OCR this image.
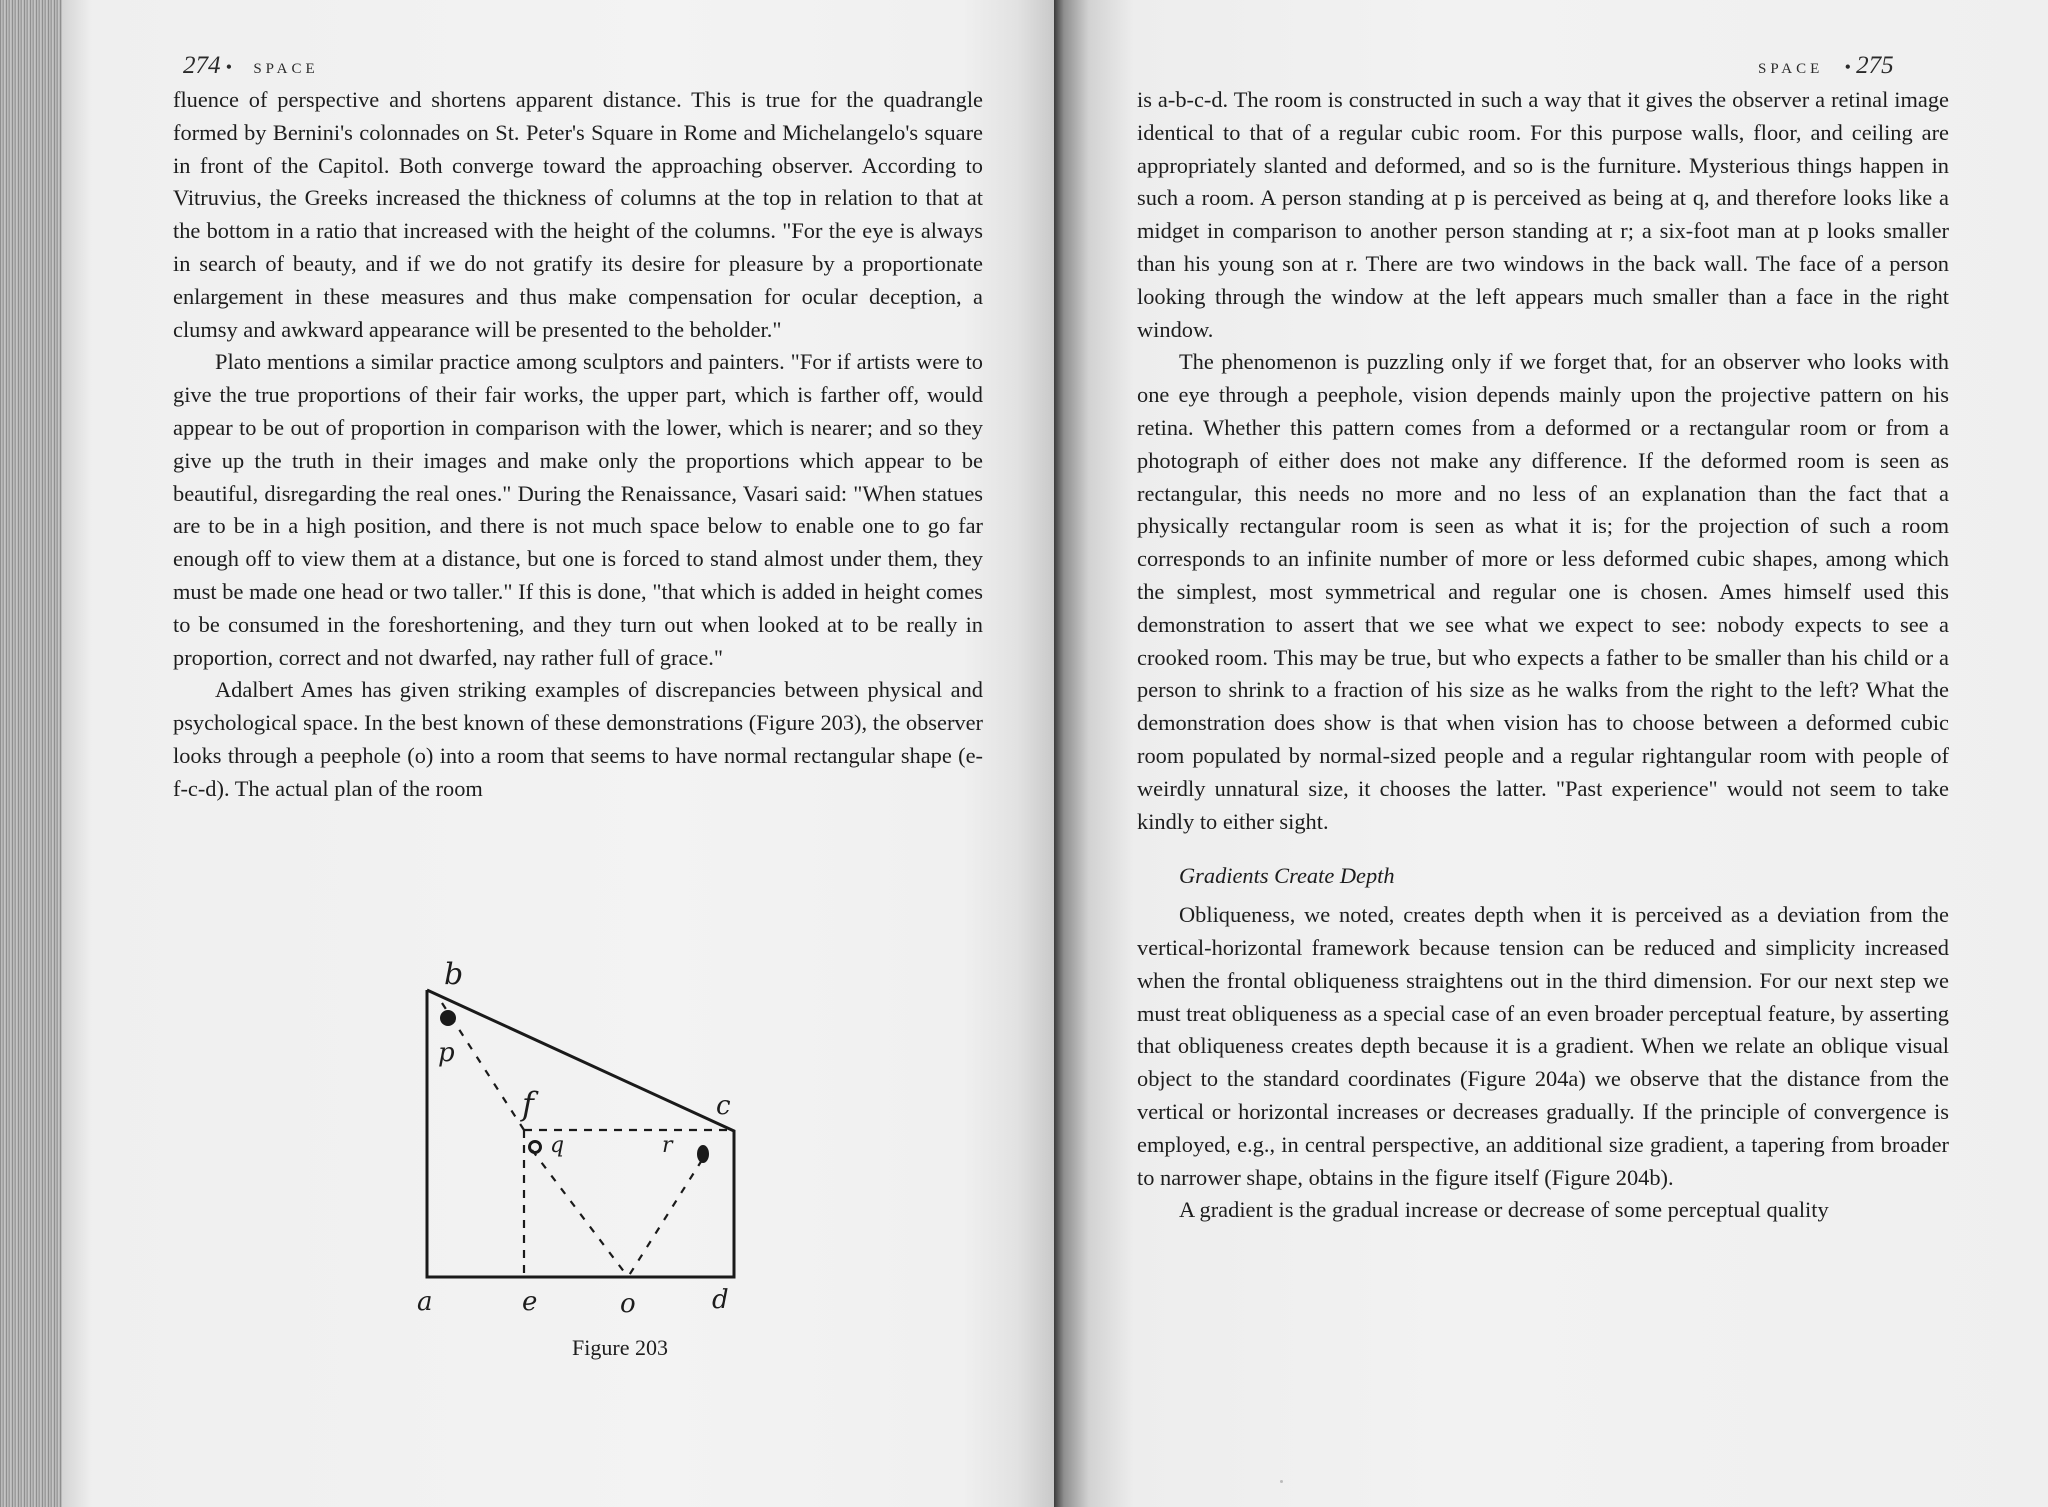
274 • SPACE	SPACE • 275

fluence of perspective and shortens apparent distance. This is true for the quadrangle formed by Bernini's colonnades on St. Peter's Square in Rome and Michelangelo's square in front of the Capitol. Both converge toward the approaching observer. According to Vitruvius, the Greeks increased the thickness of columns at the top in relation to that at the bottom in a ratio that increased with the height of the columns. "For the eye is always in search of beauty, and if we do not gratify its desire for pleasure by a proportionate enlargement in these measures and thus make compensation for ocular deception, a clumsy and awkward appearance will be presented to the beholder."

Plato mentions a similar practice among sculptors and painters. "For if artists were to give the true proportions of their fair works, the upper part, which is farther off, would appear to be out of proportion in comparison with the lower, which is nearer; and so they give up the truth in their images and make only the proportions which appear to be beautiful, disregarding the real ones." During the Renaissance, Vasari said: "When statues are to be in a high position, and there is not much space below to enable one to go far enough off to view them at a distance, but one is forced to stand almost under them, they must be made one head or two taller." If this is done, "that which is added in height comes to be consumed in the foreshortening, and they turn out when looked at to be really in proportion, correct and not dwarfed, nay rather full of grace."

Adalbert Ames has given striking examples of discrepancies between physical and psychological space. In the best known of these demonstrations (Figure 203), the observer looks through a peephole (o) into a room that seems to have normal rectangular shape (e-f-c-d). The actual plan of the room

b
p
f
q	r
c
a	e	o	d
Figure 203

is a-b-c-d. The room is constructed in such a way that it gives the observer a retinal image identical to that of a regular cubic room. For this purpose walls, floor, and ceiling are appropriately slanted and deformed, and so is the furniture. Mysterious things happen in such a room. A person standing at p is perceived as being at q, and therefore looks like a midget in comparison to another person standing at r; a six-foot man at p looks smaller than his young son at r. There are two windows in the back wall. The face of a person looking through the window at the left appears much smaller than a face in the right window.

The phenomenon is puzzling only if we forget that, for an observer who looks with one eye through a peephole, vision depends mainly upon the projective pattern on his retina. Whether this pattern comes from a deformed or a rectangular room or from a photograph of either does not make any difference. If the deformed room is seen as rectangular, this needs no more and no less of an explanation than the fact that a physically rectangular room is seen as what it is; for the projection of such a room corresponds to an infinite number of more or less deformed cubic shapes, among which the simplest, most symmetrical and regular one is chosen. Ames himself used this demonstration to assert that we see what we expect to see: nobody expects to see a crooked room. This may be true, but who expects a father to be smaller than his child or a person to shrink to a fraction of his size as he walks from the right to the left? What the demonstration does show is that when vision has to choose between a deformed cubic room populated by normal-sized people and a regular rightangular room with people of weirdly unnatural size, it chooses the latter. "Past experience" would not seem to take kindly to either sight.

Gradients Create Depth

Obliqueness, we noted, creates depth when it is perceived as a deviation from the vertical-horizontal framework because tension can be reduced and simplicity increased when the frontal obliqueness straightens out in the third dimension. For our next step we must treat obliqueness as a special case of an even broader perceptual feature, by asserting that obliqueness creates depth because it is a gradient. When we relate an oblique visual object to the standard coordinates (Figure 204a) we observe that the distance from the vertical or horizontal increases or decreases gradually. If the principle of convergence is employed, e.g., in central perspective, an additional size gradient, a tapering from broader to narrower shape, obtains in the figure itself (Figure 204b).

A gradient is the gradual increase or decrease of some perceptual quality
